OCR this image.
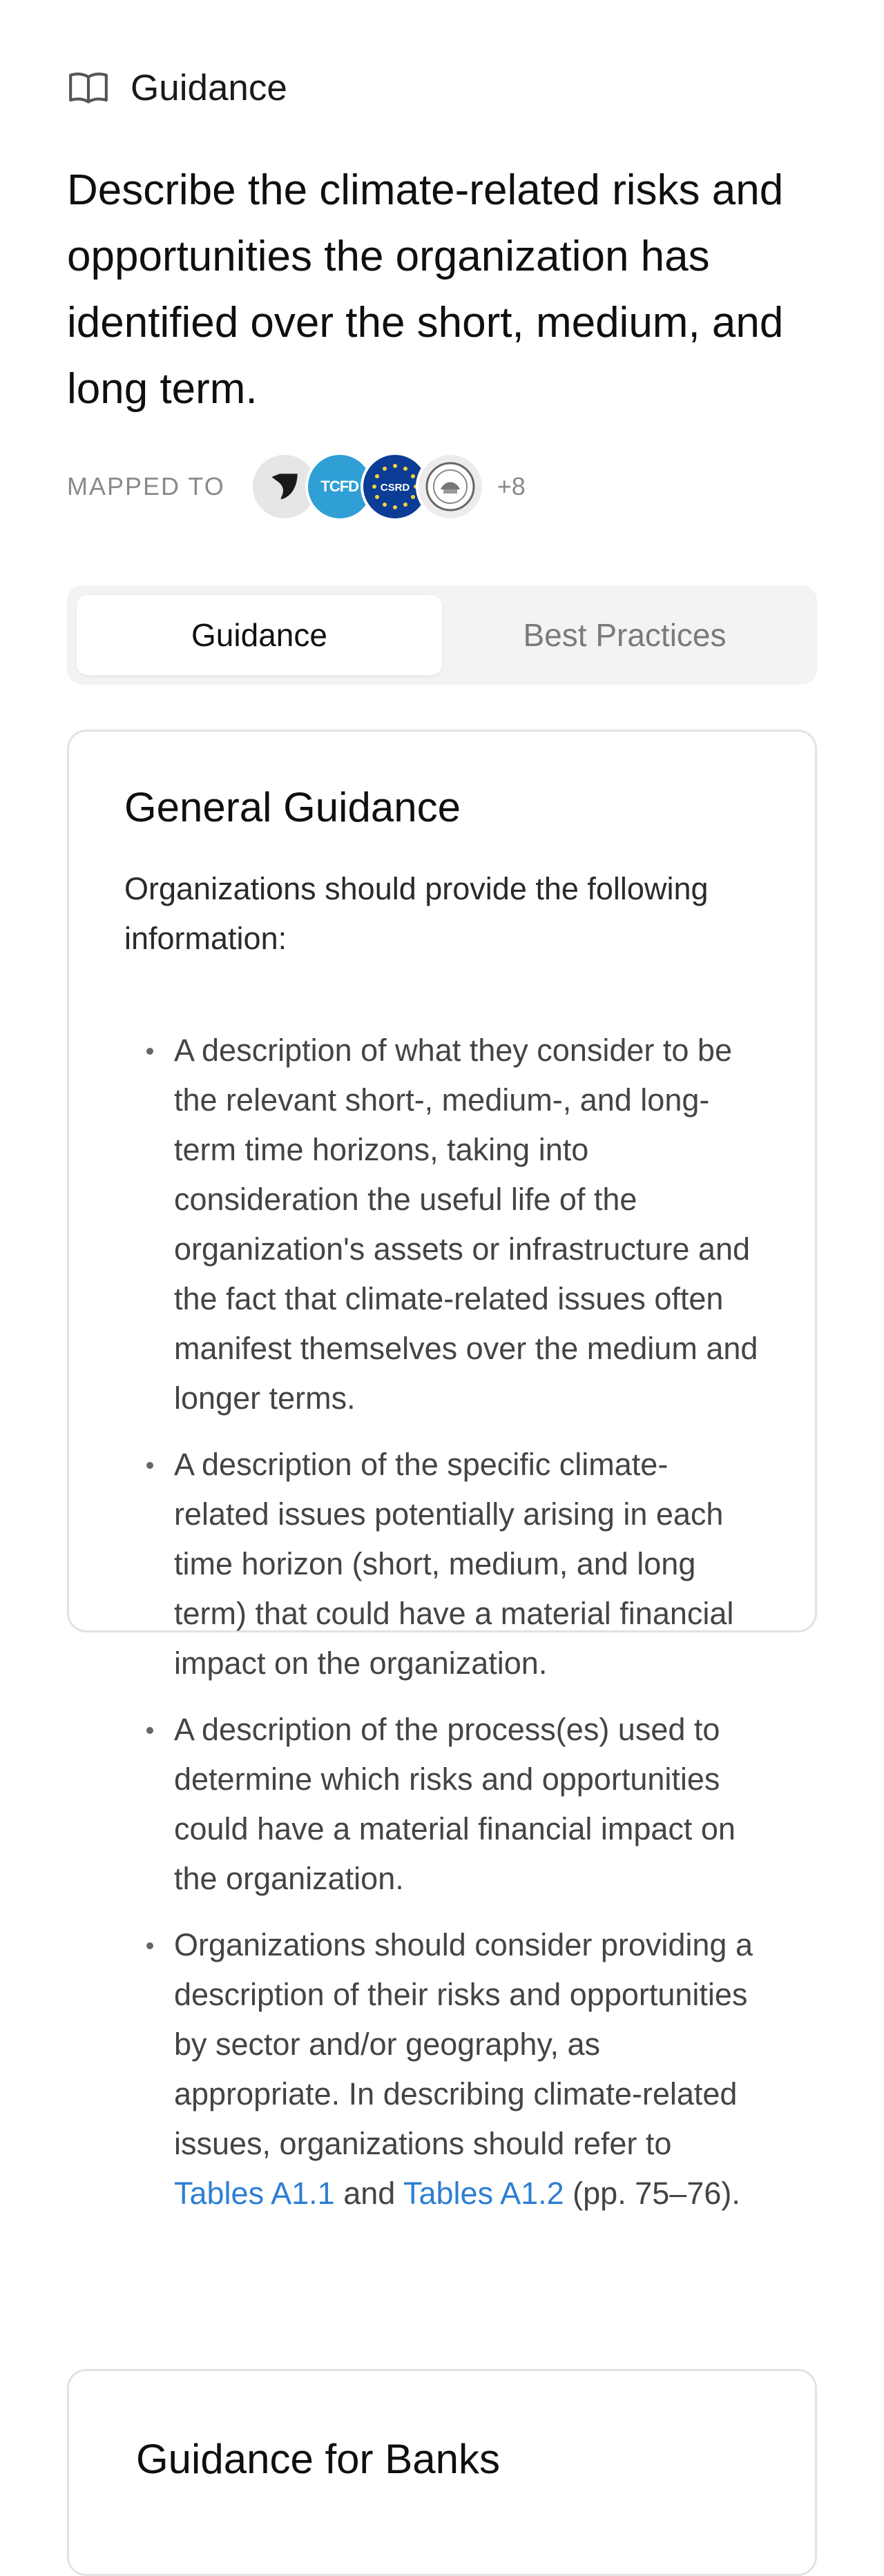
Guidance
Describe the climate-related risks and opportunities the organization has identified over the short, medium, and long term.
MAPPED TO	TCFD	CSRD	+8
Guidance	Best Practices
General Guidance

Organizations should provide the following information:

A description of what they consider to be the relevant short-, medium-, and long-term time horizons, taking into consideration the useful life of the organization's assets or infrastructure and the fact that climate-related issues often manifest themselves over the medium and longer terms.
A description of the specific climate-related issues potentially arising in each time horizon (short, medium, and long term) that could have a material financial impact on the organization.
A description of the process(es) used to determine which risks and opportunities could have a material financial impact on the organization.
Organizations should consider providing a description of their risks and opportunities by sector and/or geography, as appropriate. In describing climate-related issues, organizations should refer to Tables A1.1 and Tables A1.2 (pp. 75–76).
Guidance for Banks
